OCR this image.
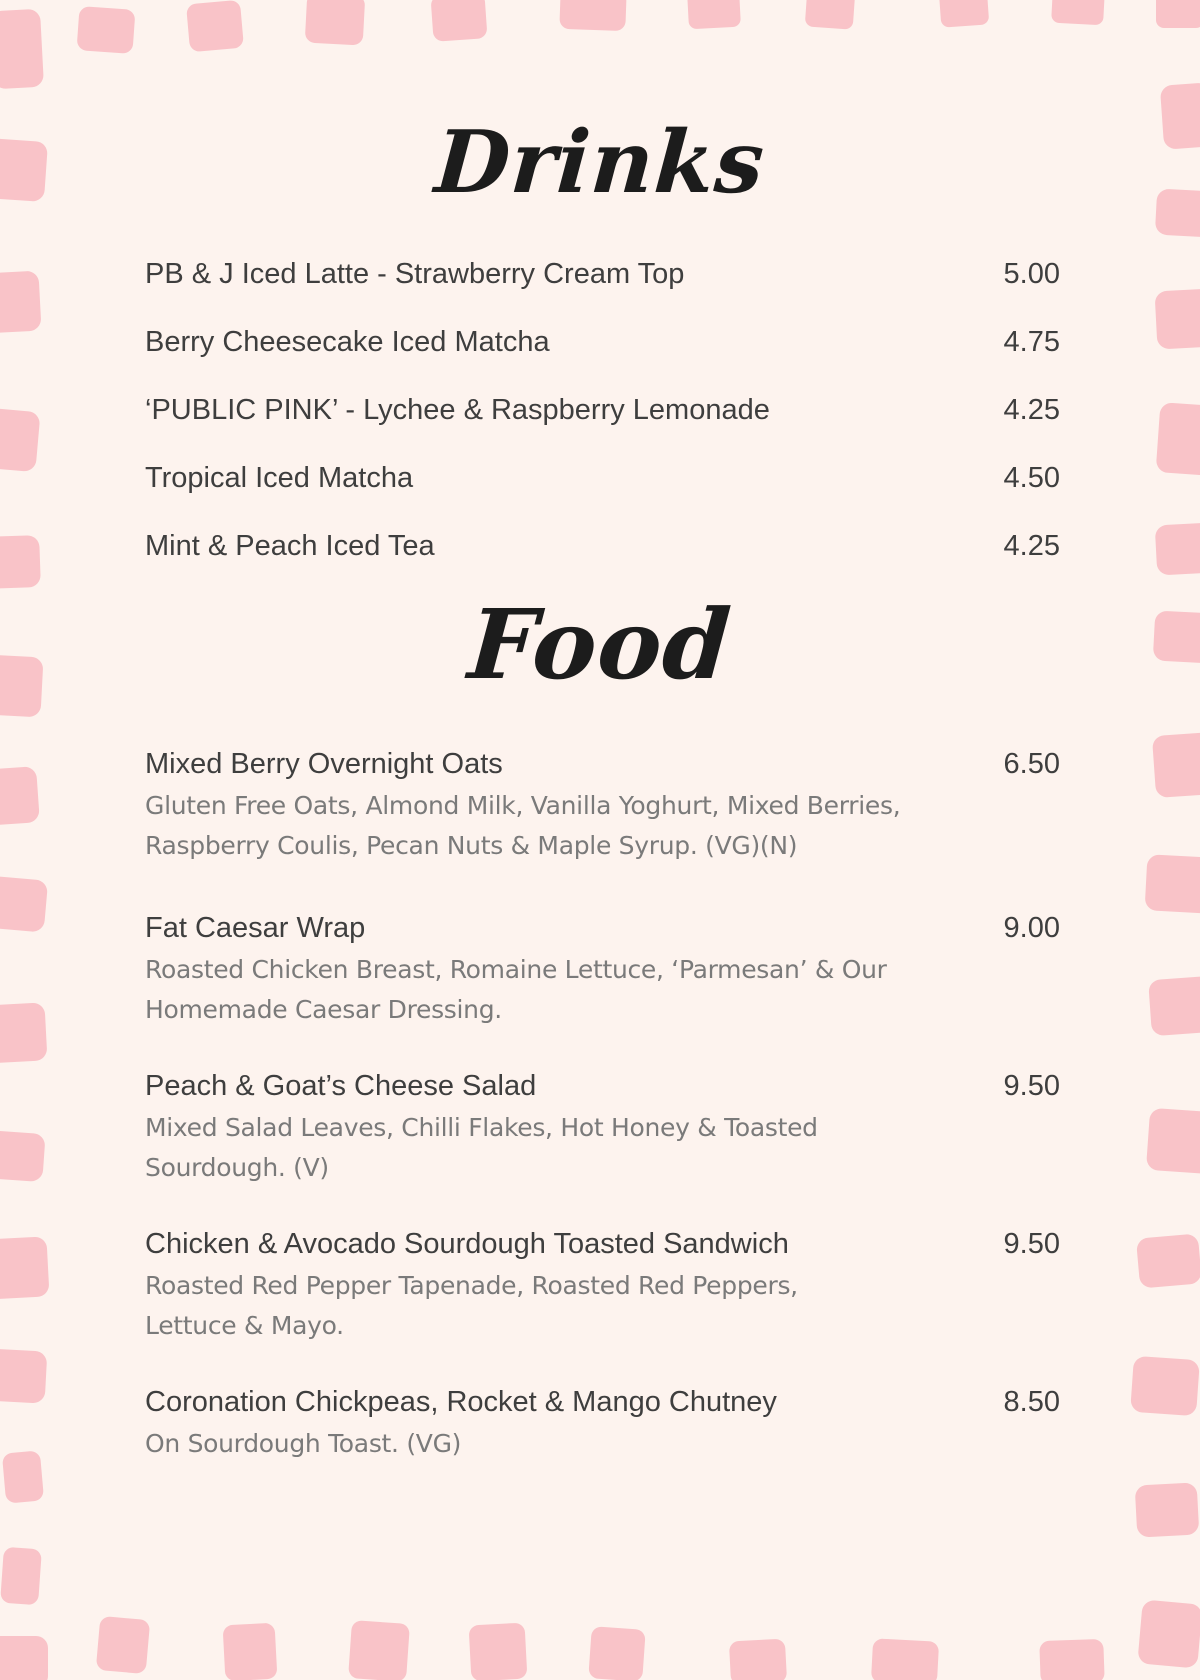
Drinks
PB & J Iced Latte - Strawberry Cream Top	5.00
Berry Cheesecake Iced Matcha	4.75
‘PUBLIC PINK’ - Lychee & Raspberry Lemonade	4.25
Tropical Iced Matcha	4.50
Mint & Peach Iced Tea	4.25
Food
Mixed Berry Overnight Oats	6.50
Gluten Free Oats, Almond Milk, Vanilla Yoghurt, Mixed Berries,
Raspberry Coulis, Pecan Nuts & Maple Syrup. (VG)(N)
Fat Caesar Wrap	9.00
Roasted Chicken Breast, Romaine Lettuce, ‘Parmesan’ & Our
Homemade Caesar Dressing.
Peach & Goat’s Cheese Salad	9.50
Mixed Salad Leaves, Chilli Flakes, Hot Honey & Toasted
Sourdough. (V)
Chicken & Avocado Sourdough Toasted Sandwich	9.50
Roasted Red Pepper Tapenade, Roasted Red Peppers,
Lettuce & Mayo.
Coronation Chickpeas, Rocket & Mango Chutney	8.50
On Sourdough Toast. (VG)
